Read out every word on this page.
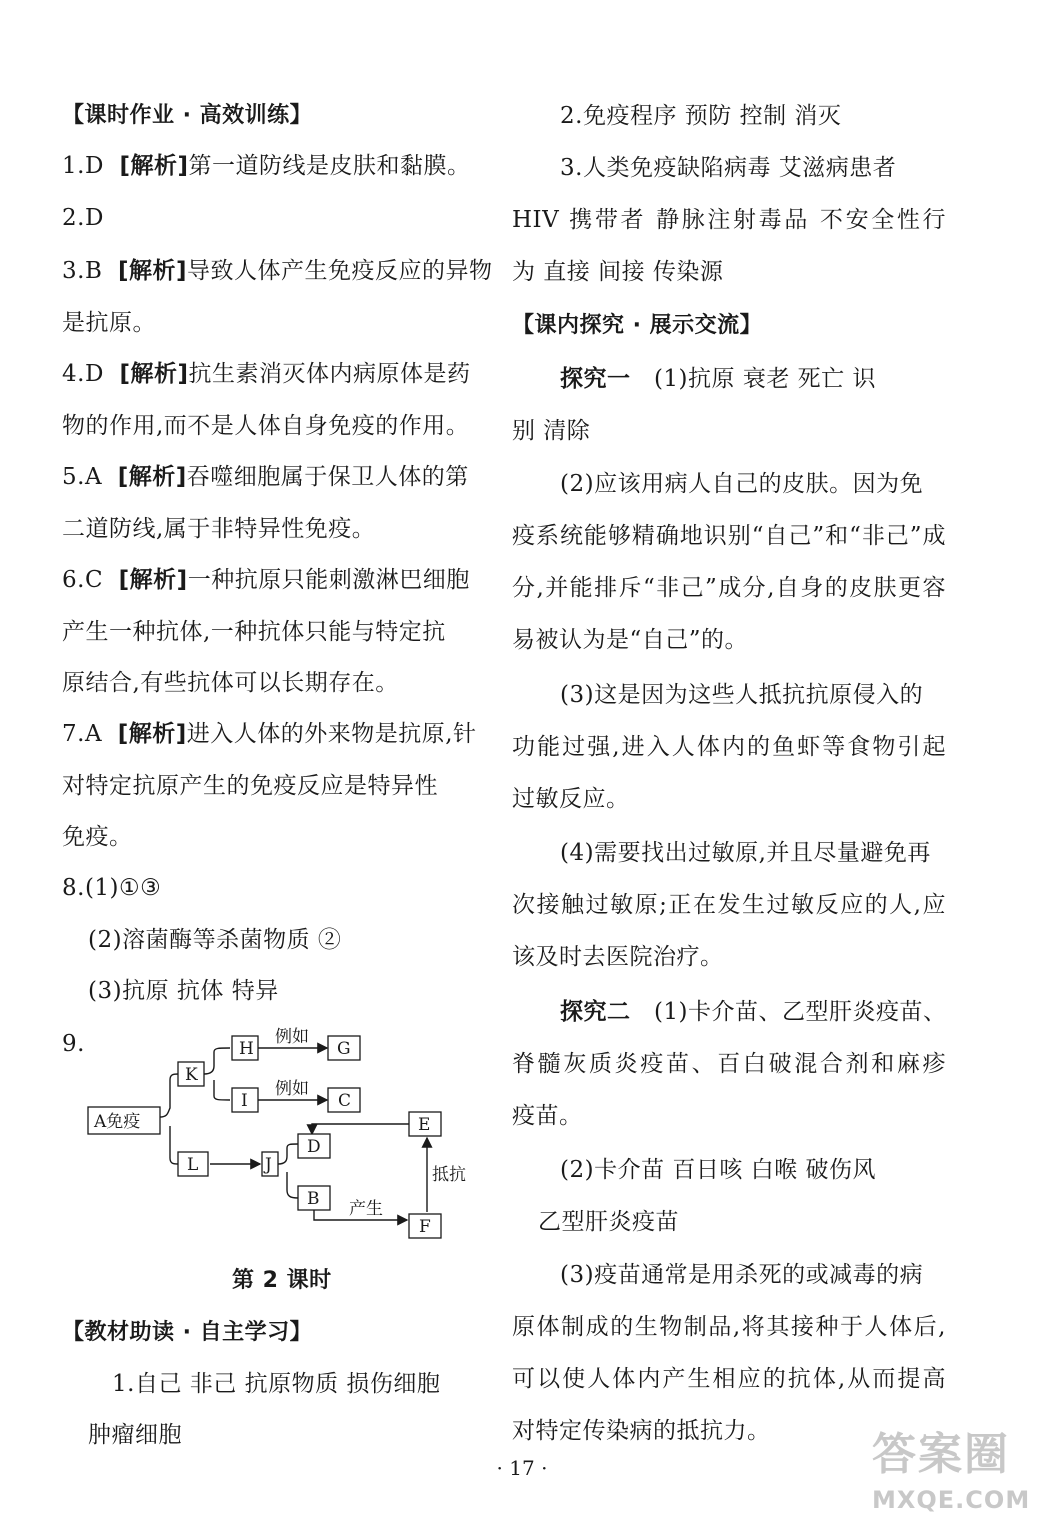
【课时作业 · 高效训练】
1.D [解析]第一道防线是皮肤和黏膜。
2.D
3.B [解析]导致人体产生免疫反应的异物
是抗原。
4.D [解析]抗生素消灭体内病原体是药
物的作用,而不是人体自身免疫的作用。
5.A [解析]吞噬细胞属于保卫人体的第
二道防线,属于非特异性免疫。
6.C [解析]一种抗原只能刺激淋巴细胞
产生一种抗体,一种抗体只能与特定抗
原结合,有些抗体可以长期存在。
7.A [解析]进入人体的外来物是抗原,针
对特定抗原产生的免疫反应是特异性
免疫。
8.(1)①③
(2)溶菌酶等杀菌物质 ②
(3)抗原 抗体 特异
9.
第 2 课时
【教材助读 · 自主学习】
1.自己 非己 抗原物质 损伤细胞
肿瘤细胞
A免疫
K
L
H
I
G
C
J
D
B
E
F
例如
例如
产生
抵抗
2.免疫程序 预防 控制 消灭
3.人类免疫缺陷病毒 艾滋病患者
HIV 携带者 静脉注射毒品 不安全性行
为 直接 间接 传染源
【课内探究 · 展示交流】
探究一 (1)抗原 衰老 死亡 识
别 清除
(2)应该用病人自己的皮肤。因为免
疫系统能够精确地识别“自己”和“非己”成
分,并能排斥“非己”成分,自身的皮肤更容
易被认为是“自己”的。
(3)这是因为这些人抵抗抗原侵入的
功能过强,进入人体内的鱼虾等食物引起
过敏反应。
(4)需要找出过敏原,并且尽量避免再
次接触过敏原;正在发生过敏反应的人,应
该及时去医院治疗。
探究二 (1)卡介苗、乙型肝炎疫苗、
脊髓灰质炎疫苗、百白破混合剂和麻疹
疫苗。
(2)卡介苗 百日咳 白喉 破伤风
乙型肝炎疫苗
(3)疫苗通常是用杀死的或减毒的病
原体制成的生物制品,将其接种于人体后,
可以使人体内产生相应的抗体,从而提高
对特定传染病的抵抗力。
· 17 ·	答案圈
MXQE.COM
